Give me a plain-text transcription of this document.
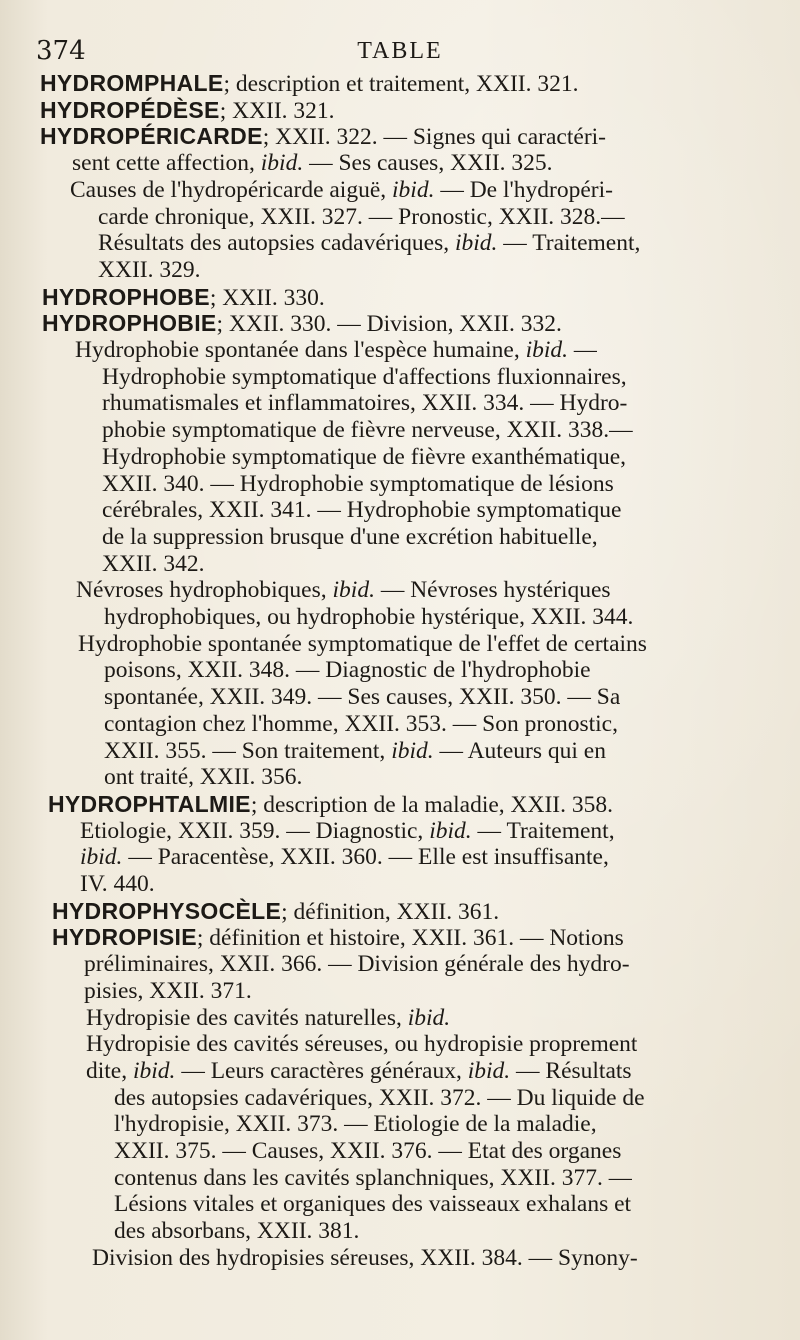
374	TABLE
HYDROMPHALE; description et traitement, XXII. 321.
HYDROPÉDÈSE; XXII. 321.
HYDROPÉRICARDE; XXII. 322. — Signes qui caractéri-
sent cette affection, ibid. — Ses causes, XXII. 325.
Causes de l'hydropéricarde aiguë, ibid. — De l'hydropéri-
carde chronique, XXII. 327. — Pronostic, XXII. 328.—
Résultats des autopsies cadavériques, ibid. — Traitement,
XXII. 329.
HYDROPHOBE; XXII. 330.
HYDROPHOBIE; XXII. 330. — Division, XXII. 332.
Hydrophobie spontanée dans l'espèce humaine, ibid. —
Hydrophobie symptomatique d'affections fluxionnaires,
rhumatismales et inflammatoires, XXII. 334. — Hydro-
phobie symptomatique de fièvre nerveuse, XXII. 338.—
Hydrophobie symptomatique de fièvre exanthématique,
XXII. 340. — Hydrophobie symptomatique de lésions
cérébrales, XXII. 341. — Hydrophobie symptomatique
de la suppression brusque d'une excrétion habituelle,
XXII. 342.
Névroses hydrophobiques, ibid. — Névroses hystériques
hydrophobiques, ou hydrophobie hystérique, XXII. 344.
Hydrophobie spontanée symptomatique de l'effet de certains
poisons, XXII. 348. — Diagnostic de l'hydrophobie
spontanée, XXII. 349. — Ses causes, XXII. 350. — Sa
contagion chez l'homme, XXII. 353. — Son pronostic,
XXII. 355. — Son traitement, ibid. — Auteurs qui en
ont traité, XXII. 356.
HYDROPHTALMIE; description de la maladie, XXII. 358.
Etiologie, XXII. 359. — Diagnostic, ibid. — Traitement,
ibid. — Paracentèse, XXII. 360. — Elle est insuffisante,
IV. 440.
HYDROPHYSOCÈLE; définition, XXII. 361.
HYDROPISIE; définition et histoire, XXII. 361. — Notions
préliminaires, XXII. 366. — Division générale des hydro-
pisies, XXII. 371.
Hydropisie des cavités naturelles, ibid.
Hydropisie des cavités séreuses, ou hydropisie proprement
dite, ibid. — Leurs caractères généraux, ibid. — Résultats
des autopsies cadavériques, XXII. 372. — Du liquide de
l'hydropisie, XXII. 373. — Etiologie de la maladie,
XXII. 375. — Causes, XXII. 376. — Etat des organes
contenus dans les cavités splanchniques, XXII. 377. —
Lésions vitales et organiques des vaisseaux exhalans et
des absorbans, XXII. 381.
Division des hydropisies séreuses, XXII. 384. — Synony-
